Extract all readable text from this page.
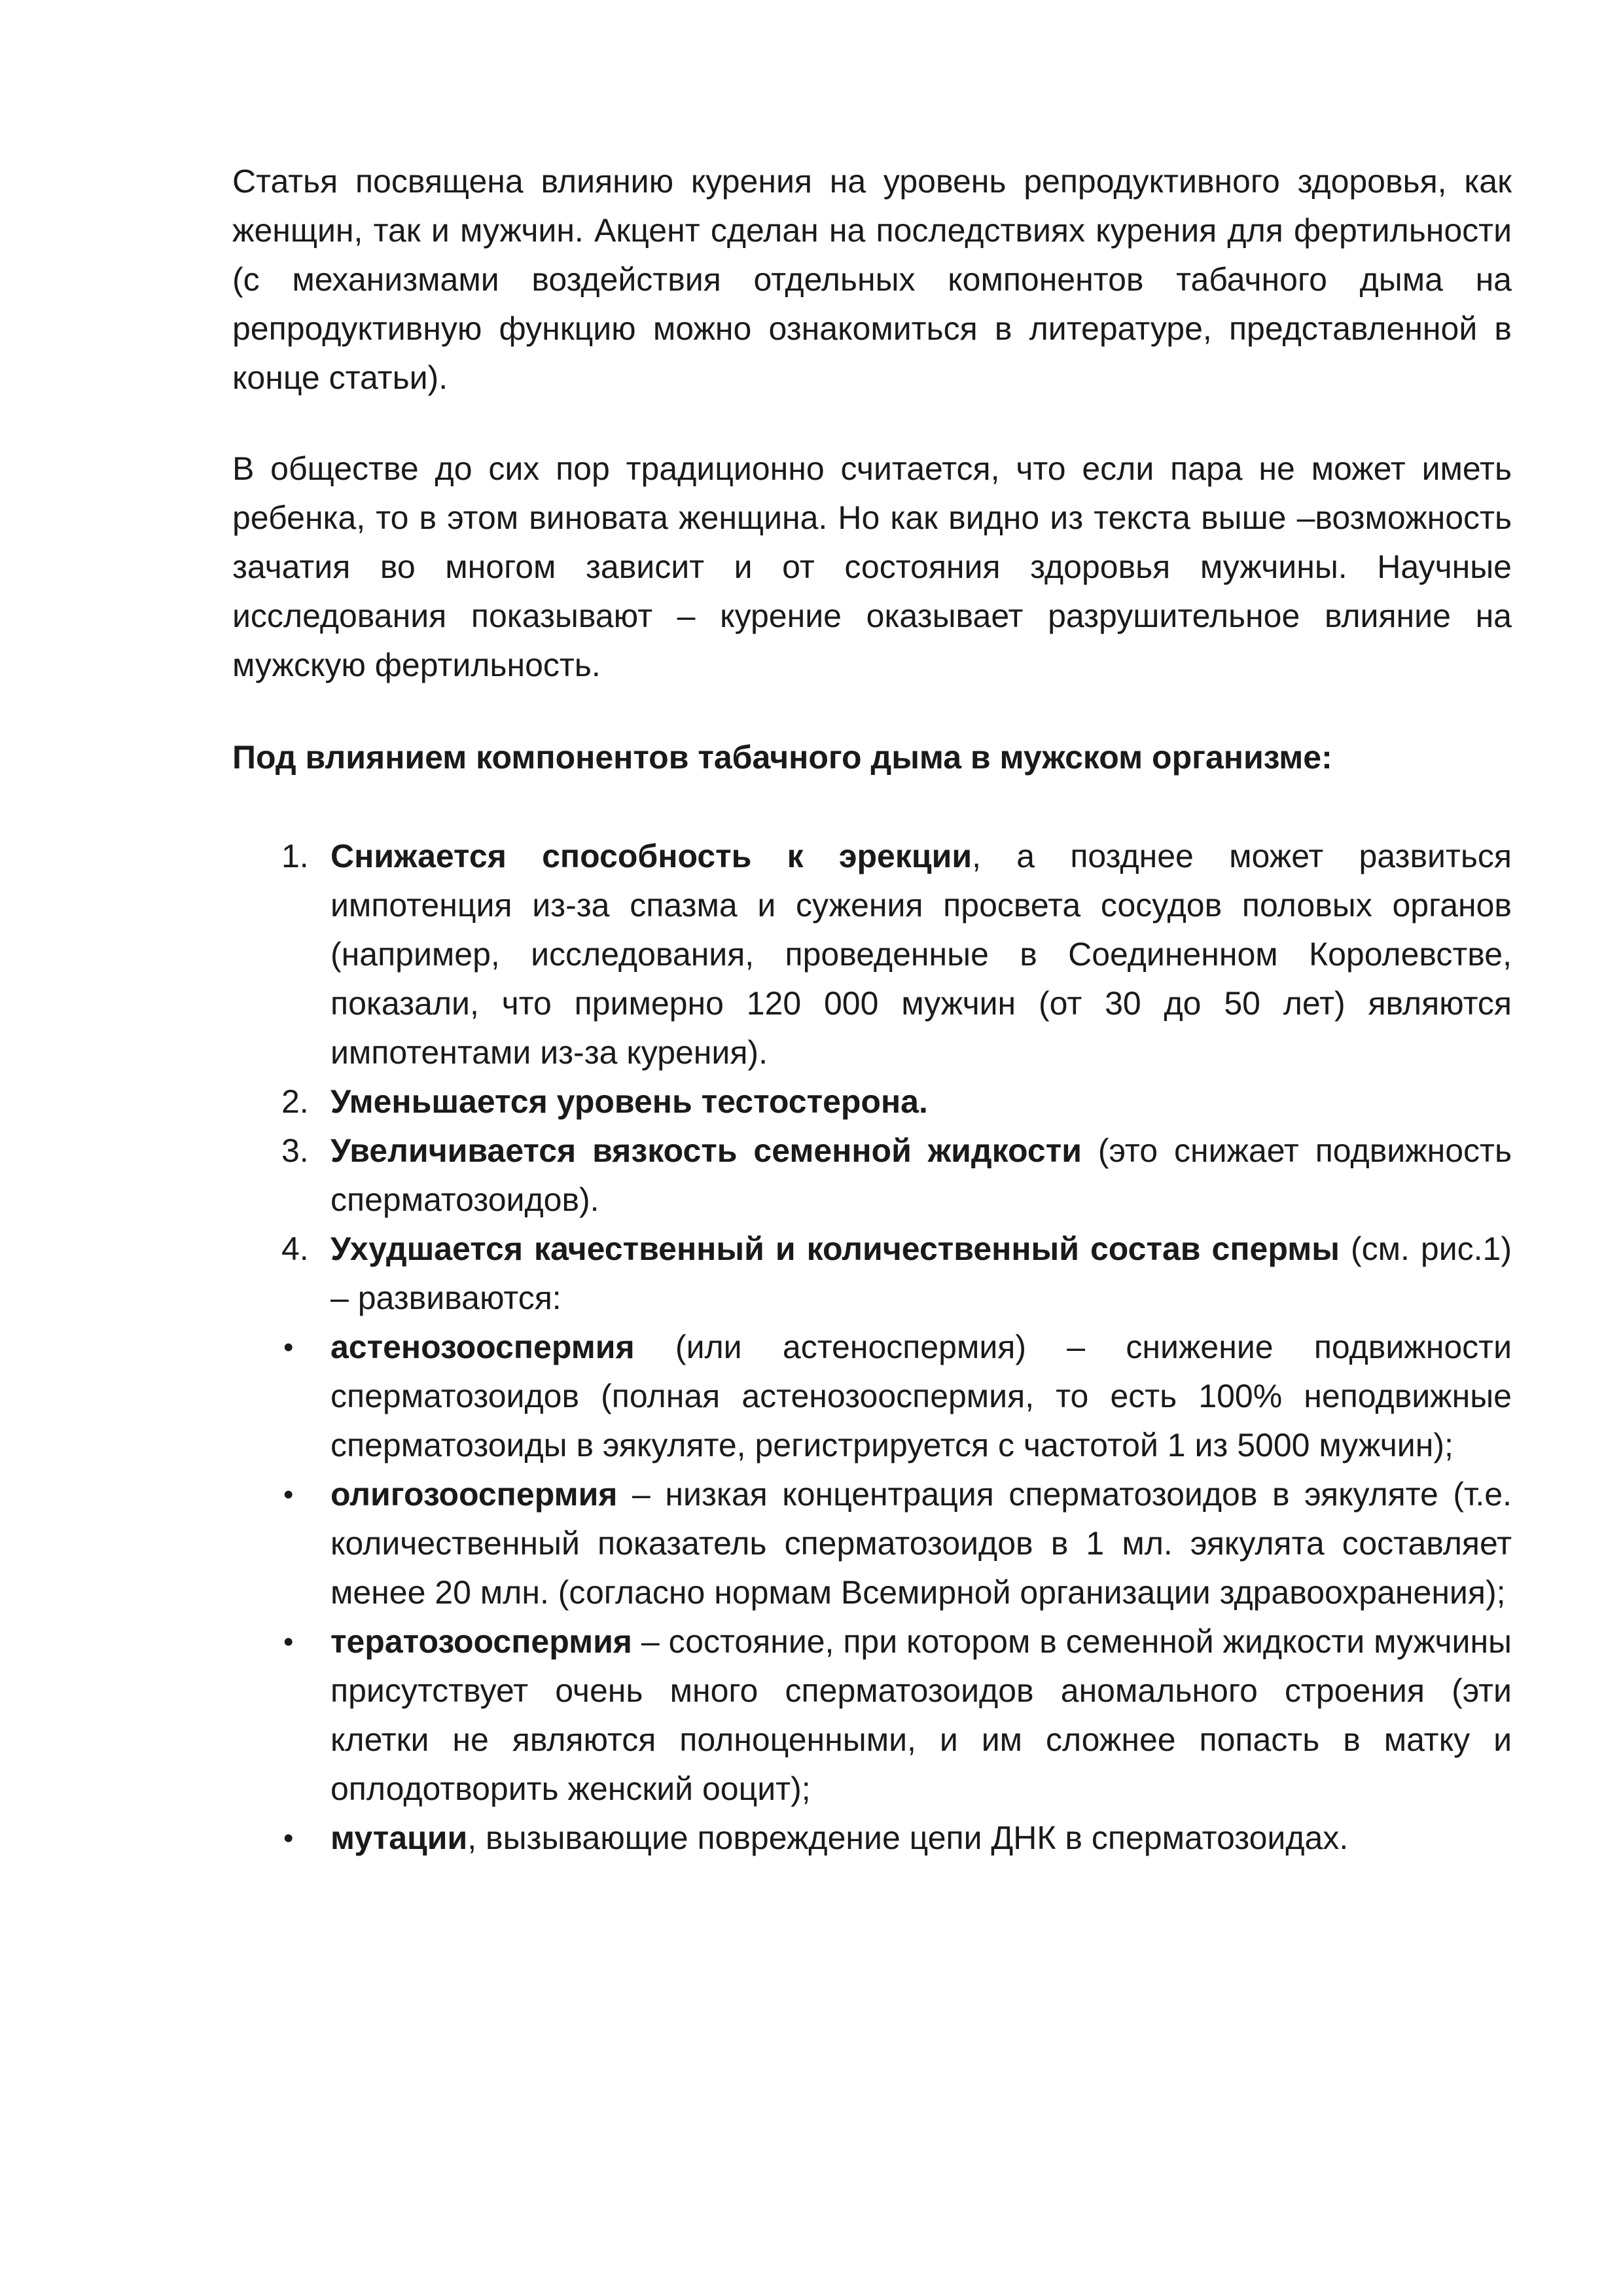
Статья посвящена влиянию курения на уровень репродуктивного здоровья, как женщин, так и мужчин. Акцент сделан на последствиях курения для фертильности (с механизмами воздействия отдельных компонентов табачного дыма на репродуктивную функцию можно ознакомиться в литературе, представленной в конце статьи).

В обществе до сих пор традиционно считается, что если пара не может иметь ребенка, то в этом виновата женщина. Но как видно из текста выше –возможность зачатия во многом зависит и от состояния здоровья мужчины. Научные исследования показывают – курение оказывает разрушительное влияние на мужскую фертильность.

Под влиянием компонентов табачного дыма в мужском организме:

1. Снижается способность к эрекции, а позднее может развиться импотенция из-за спазма и сужения просвета сосудов половых органов (например, исследования, проведенные в Соединенном Королевстве, показали, что примерно 120 000 мужчин (от 30 до 50 лет) являются импотентами из-за курения).
2. Уменьшается уровень тестостерона.
3. Увеличивается вязкость семенной жидкости (это снижает подвижность сперматозоидов).
4. Ухудшается качественный и количественный состав спермы (см. рис.1) – развиваются:
• астенозооспермия (или астеноспермия) – снижение подвижности сперматозоидов (полная астенозооспермия, то есть 100% неподвижные сперматозоиды в эякуляте, регистрируется с частотой 1 из 5000 мужчин);
• олигозооспермия – низкая концентрация сперматозоидов в эякуляте (т.е. количественный показатель сперматозоидов в 1 мл. эякулята составляет менее 20 млн. (согласно нормам Всемирной организации здравоохранения);
• тератозооспермия – состояние, при котором в семенной жидкости мужчины присутствует очень много сперматозоидов аномального строения (эти клетки не являются полноценными, и им сложнее попасть в матку и оплодотворить женский ооцит);
• мутации, вызывающие повреждение цепи ДНК в сперматозоидах.
